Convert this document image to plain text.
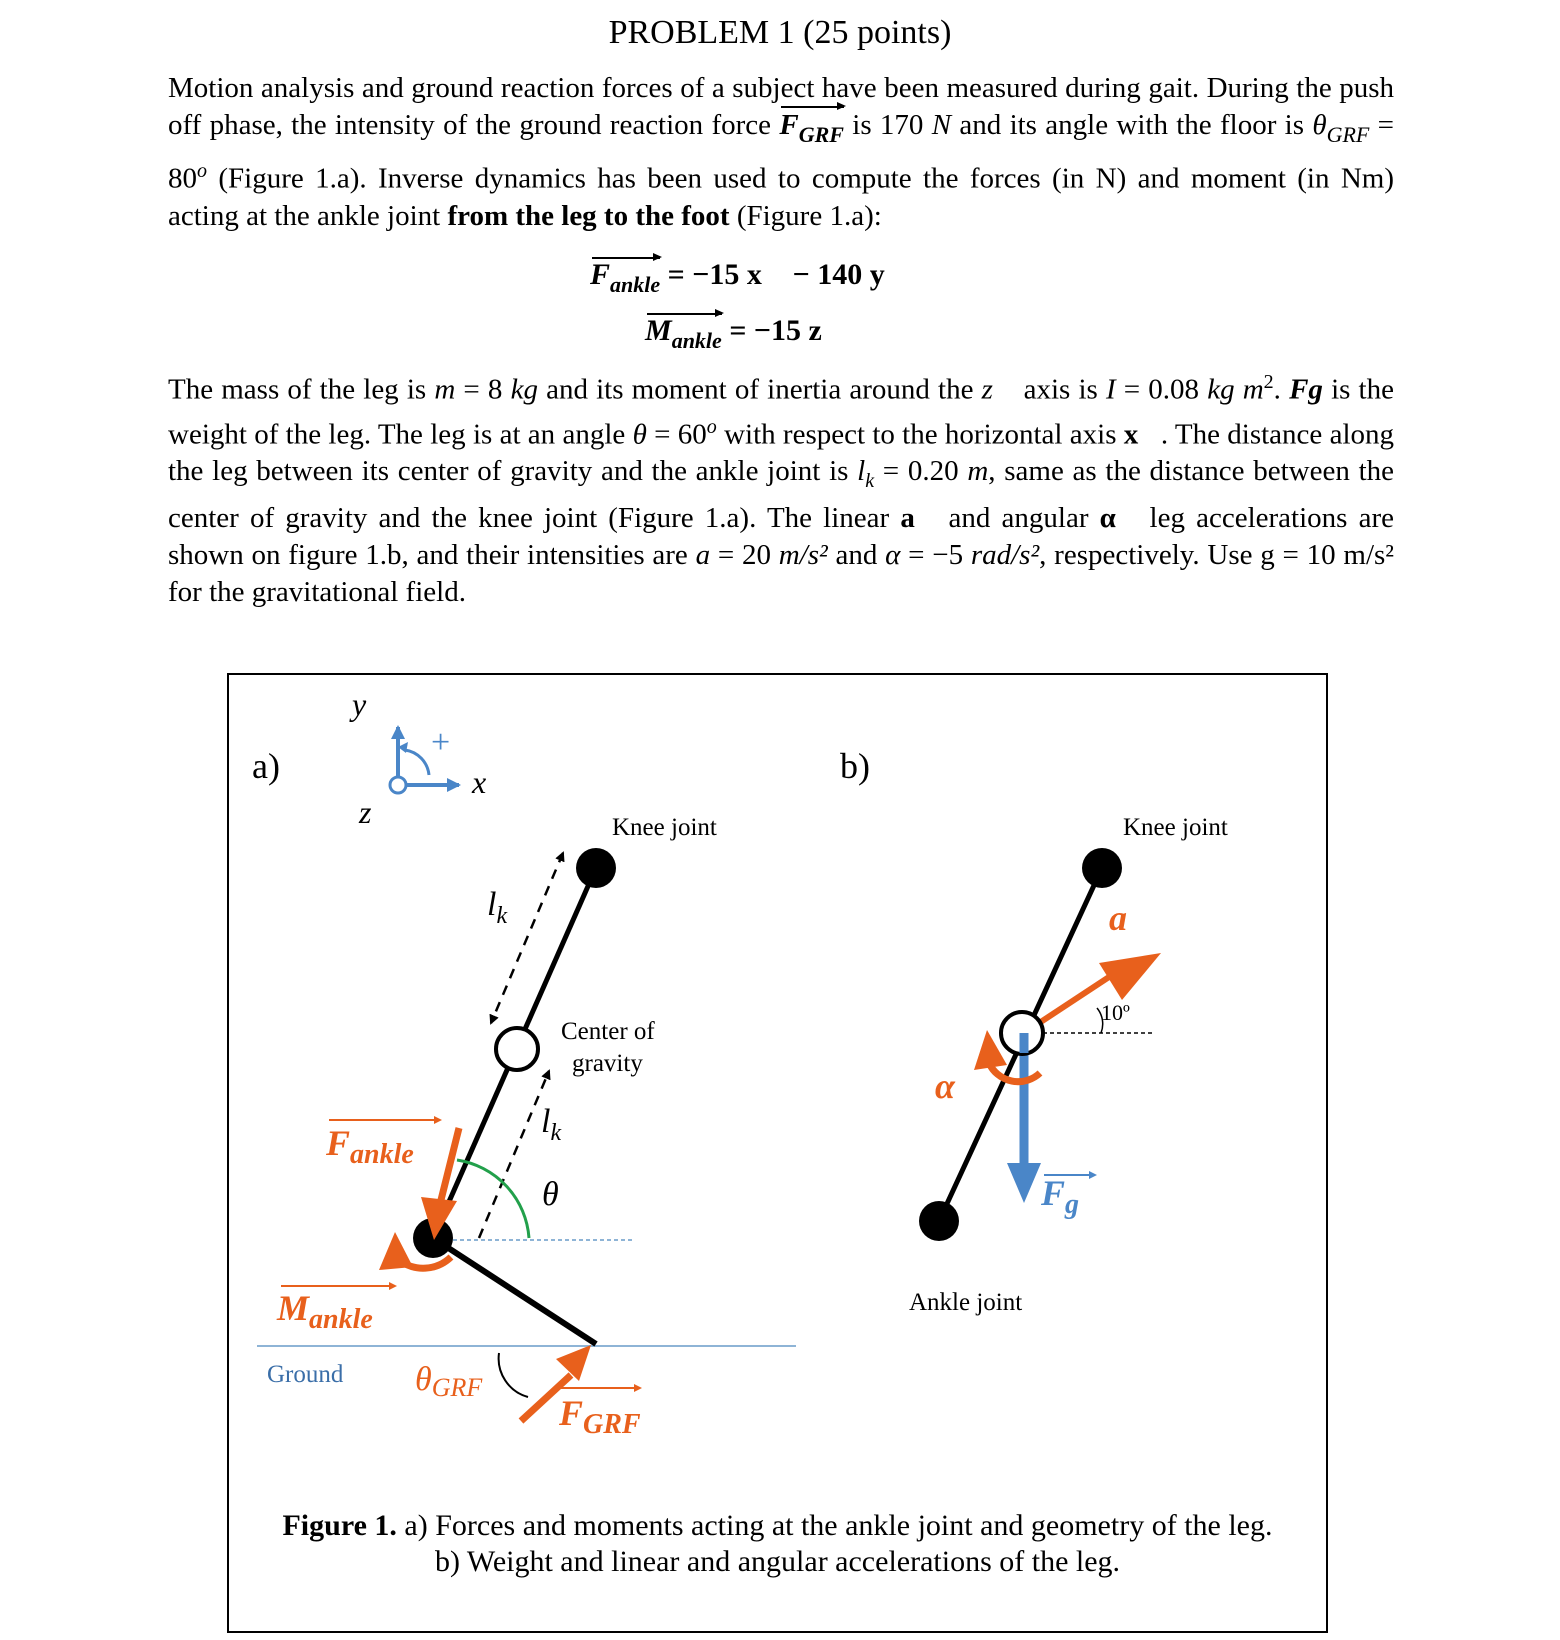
PROBLEM 1 (25 points)
Motion analysis and ground reaction forces of a subject have been measured during gait. During the push off phase, the intensity of the ground reaction force $F_{GRF}$ is 170 N and its angle with the floor is $\theta_{GRF} = 80^o$ (Figure 1.a). Inverse dynamics has been used to compute the forces (in N) and moment (in Nm) acting at the ankle joint from the leg to the foot (Figure 1.a):
$F_{ankle} = -15$ x⃗ − 140 y⃗
$M_{ankle} = -15$ z⃗
The mass of the leg is m = 8 kg and its moment of inertia around the z⃗ axis is I = 0.08 kg $m^2$. Fg is the weight of the leg. The leg is at an angle $\theta = 60^o$ with respect to the horizontal axis x⃗. The distance along the leg between its center of gravity and the ankle joint is $l_k = 0.20$ m, same as the distance between the center of gravity and the knee joint (Figure 1.a). The linear a⃗ and angular α⃗ leg accelerations are shown on figure 1.b, and their intensities are a = 20 m/s² and α = −5 rad/s², respectively. Use g = 10 m/s² for the gravitational field.
a)
y⃗
x⃗
z⃗
+
Ground
$l_k$
$l_k$
θ
Knee joint
Center of
gravity
$F_{ankle}$
$M_{ankle}$
θGRF
$F_{GRF}$
b)
Knee joint
Ankle joint
$F_g$
a⃗
10º
α⃗
Figure 1. a) Forces and moments acting at the ankle joint and geometry of the leg.
b) Weight and linear and angular accelerations of the leg.
